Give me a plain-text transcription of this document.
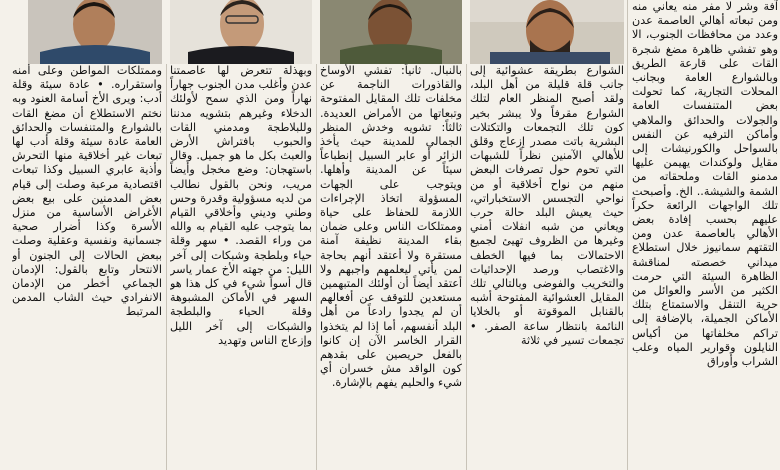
آفة وشر لا مفر منه يعاني منه ومن تبعاته أهالي العاصمة عدن وعدد من محافظات الجنوب، الا وهو تفشي ظاهرة مضغ شجرة القات على قارعة الطريق وبالشوارع العامة وبجانب المحلات التجارية، كما تحولت بعض المتنفسات العامة والجولات والحدائق والملاهي وأماكن الترفيه عن النفس بالسواحل والكورنيشات إلى مقايل ولوكندات يهيمن عليها مدمنو القات وملحقاته من الشمة والشيشة.. الخ. وأصبحت تلك الواجهات الرائعة حكراً عليهم بحسب إفادة بعض الأهالي بالعاصمة عدن ومن التقتهم سمانيوز خلال استطلاع ميداني خصصته لمناقشة الظاهرة السيئة التي حرمت الكثير من الأسر والعوائل من حرية التنقل والاستمتاع بتلك الأماكن الجميلة، بالإضافة إلى تراكم مخلفاتها من أكياس النايلون وقوارير المياه وعلب الشراب وأوراق

الشوارع بطريقة عشوائية إلى جانب قلة قليلة من أهل البلد، ولقد أصبح المنظر العام لتلك الشوارع مقرفاً ولا يبشر بخير كون تلك التجمعات والتكتلات البشرية باتت مصدر إزعاج وقلق للأهالي الآمنين نظراً للشبهات التي تحوم حول تصرفات البعض منهم من نواح أخلاقية أو من نواحي التجسس الاستخباراتي، حيث يعيش البلد حالة حرب ويعاني من شبه انفلات أمني وغيرها من الظروف تهيئ لجميع الاحتمالات بما فيها الخطف والاغتصاب ورصد الإحداثيات والتخريب والفوضى وبالتالي تلك المقايل العشوائية المفتوحة أشبه بالقنابل الموقوتة أو بالخلايا النائمة بانتظار ساعة الصفر. • تجمعات تسير في ثلاثة

بالنبال. ثانياً: تفشي الأوساخ والقاذورات الناجمة عن مخلفات تلك المقايل المفتوحة وتبعاتها من الأمراض العديدة. ثالثاً: تشويه وخدش المنظر الجمالي للمدينة حيث يأخذ الزائر أو عابر السبيل إنطباعاً سيئاً عن المدينة وأهلها. ويتوجب على الجهات المسؤولة اتخاذ الإجراءات اللازمة للحفاظ على حياة وممتلكات الناس وعلى ضمان بقاء المدينة نظيفة آمنة مستقرة ولا أعتقد أنهم بحاجة لمن يأتي ليعلمهم واجبهم ولا أعتقد أيضاً أن أولئك المتبهمين مستعدين للتوقف عن أفعالهم أن لم يجدوا رادعاً من أهل البلد أنفسهم، أما إذا لم يتخذوا القرار الخاسر الآن إن كانوا بالفعل حريصين على بقدهم كون الواقد مش خسران أي شيء والحليم يفهم بالإشارة.

وبهذلة تتعرض لها عاصمتنا عدن وأغلب مدن الجنوب جهاراً نهاراً ومن الذي سمح لأولئك الدخلاء وغيرهم بتشويه مدننا وللبلاطجة ومدمني القات والحبوب بافتراش الأرض والعبث بكل ما هو جميل. وقال باستهجان: وضع مخجل وأيضاً مريب، ونحن بالقول نطالب من لديه مسؤولية وقدرة وحس وطني وديني وأخلاقي القيام بما يتوجب عليه القيام به والله من وراء القصد. • سهر وقلة حياء وبلطجة وشبكات إلى آخر الليل: من جهته الأخ عمار ياسر قال أسواً شيء في كل هذا هو السهر في الأماكن المشبوهة وقلة الحياء والبلطجة والشبكات إلى آخر الليل وإزعاج الناس وتهديد

وممتلكات المواطن وعلى أمنه واستقراره. • عادة سيئة وقلة أدب: ويرى الأخ أسامة العنود وبه نختم الاستطلاع أن مضغ القات بالشوارع والمتنفسات والحدائق العامة عادة سيئة وقلة أدب لها تبعات غير أخلاقية منها التحرش وأذية عابري السبيل وكذا تبعات اقتصادية مرعبة وصلت إلى قيام بعض المدمنين على بيع بعض الأغراض الأساسية من منزل الأسرة وكذا أضرار صحية جسمانية ونفسية وعقلية وصلت ببعض الحالات إلى الجنون أو الانتحار وتابع بالقول: الإدمان الجماعي أخطر من الإدمان الانفرادي حيث الشاب المدمن المرتبط
